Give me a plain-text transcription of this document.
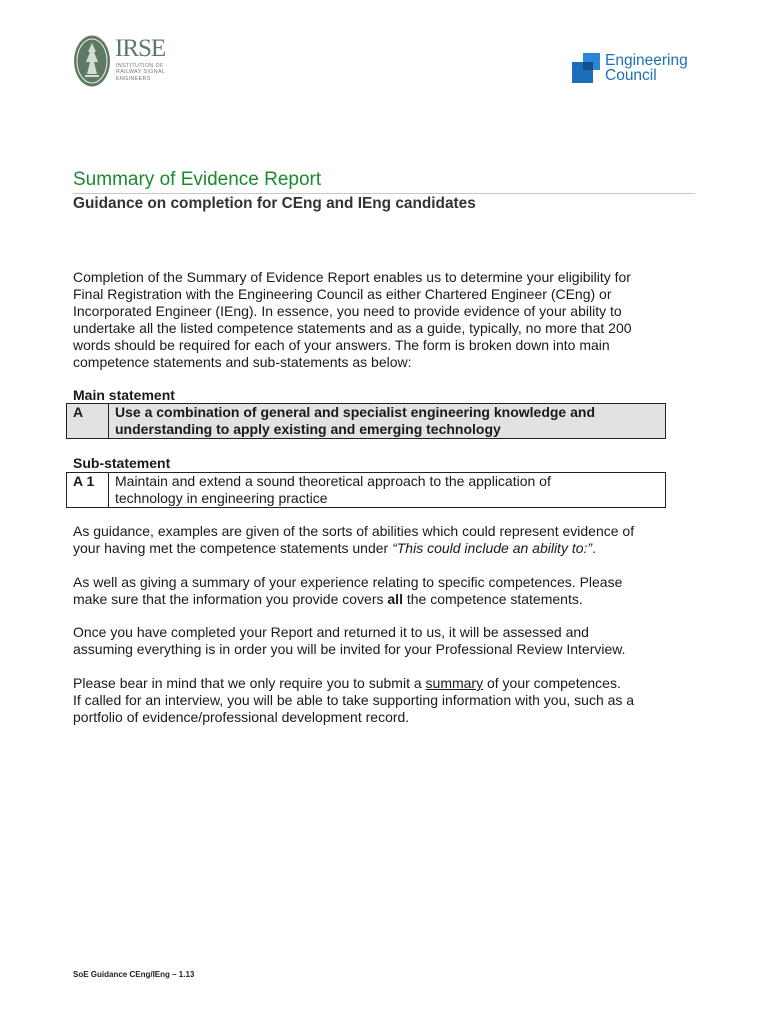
IRSE
INSTITUTION OF
RAILWAY SIGNAL
ENGINEERS
Engineering
Council
Summary of Evidence Report
Guidance on completion for CEng and IEng candidates
Completion of the Summary of Evidence Report enables us to determine your eligibility for
Final Registration with the Engineering Council as either Chartered Engineer (CEng) or
Incorporated Engineer (IEng). In essence, you need to provide evidence of your ability to
undertake all the listed competence statements and as a guide, typically, no more that 200
words should be required for each of your answers. The form is broken down into main
competence statements and sub-statements as below:
Main statement
A	Use a combination of general and specialist engineering knowledge and
understanding to apply existing and emerging technology
Sub-statement
A 1	Maintain and extend a sound theoretical approach to the application of
technology in engineering practice
As guidance, examples are given of the sorts of abilities which could represent evidence of
your having met the competence statements under “This could include an ability to:”.
As well as giving a summary of your experience relating to specific competences. Please
make sure that the information you provide covers all the competence statements.
Once you have completed your Report and returned it to us, it will be assessed and
assuming everything is in order you will be invited for your Professional Review Interview.
Please bear in mind that we only require you to submit a summary of your competences.
If called for an interview, you will be able to take supporting information with you, such as a
portfolio of evidence/professional development record.
SoE Guidance CEng/IEng – 1.13
